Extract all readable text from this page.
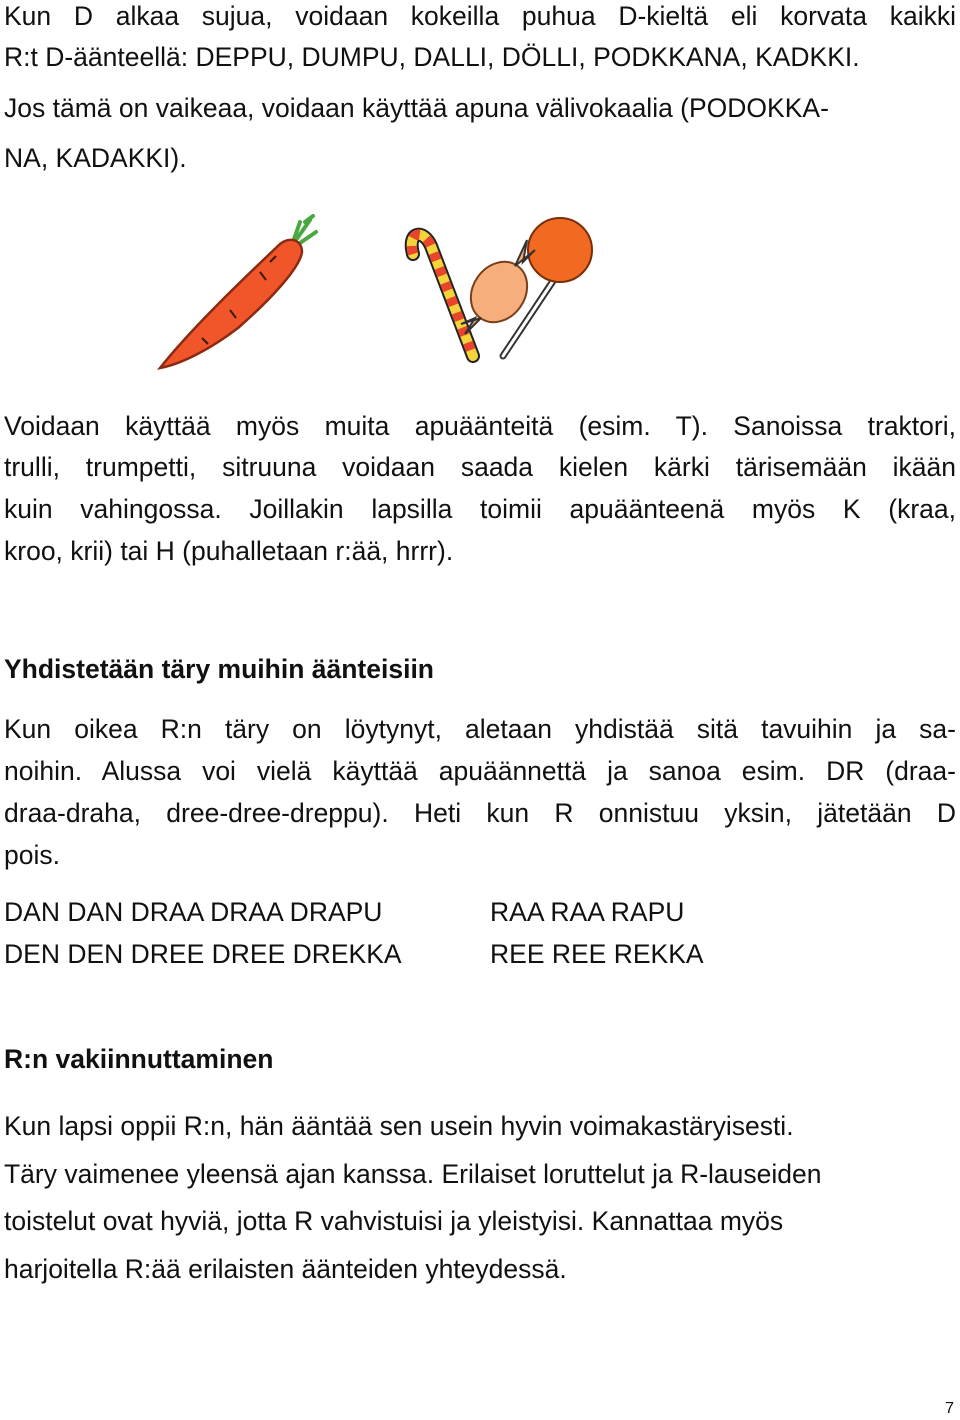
Kun D alkaa sujua, voidaan kokeilla puhua D-kieltä eli korvata kaikki
R:t D-äänteellä: DEPPU, DUMPU, DALLI, DÖLLI, PODKKANA, KADKKI.
Jos tämä on vaikeaa, voidaan käyttää apuna välivokaalia (PODOKKA-
NA, KADAKKI).
Voidaan käyttää myös muita apuäänteitä (esim. T). Sanoissa traktori,
trulli, trumpetti, sitruuna voidaan saada kielen kärki tärisemään ikään
kuin vahingossa. Joillakin lapsilla toimii apuäänteenä myös K (kraa,
kroo, krii) tai H (puhalletaan r:ää, hrrr).
Yhdistetään täry muihin äänteisiin
Kun oikea R:n täry on löytynyt, aletaan yhdistää sitä tavuihin ja sa-
noihin. Alussa voi vielä käyttää apuäännettä ja sanoa esim. DR (draa-
draa-draha, dree-dree-dreppu). Heti kun R onnistuu yksin, jätetään D
pois.
DAN DAN DRAA DRAA DRAPU
DEN DEN DREE DREE DREKKA
RAA RAA RAPU
REE REE REKKA
R:n vakiinnuttaminen
Kun lapsi oppii R:n, hän ääntää sen usein hyvin voimakastäryisesti.
Täry vaimenee yleensä ajan kanssa. Erilaiset loruttelut ja R-lauseiden
toistelut ovat hyviä, jotta R vahvistuisi ja yleistyisi. Kannattaa myös
harjoitella R:ää erilaisten äänteiden yhteydessä.
7
